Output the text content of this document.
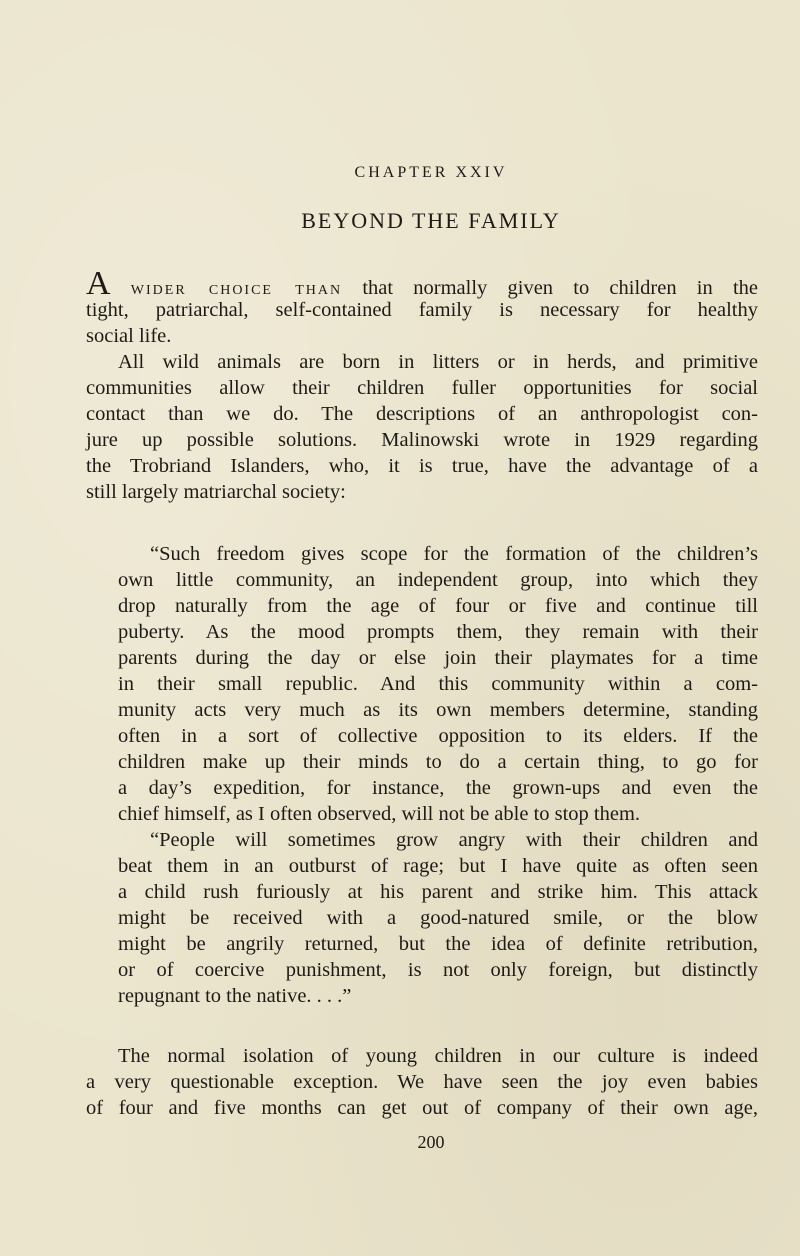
CHAPTER XXIV
BEYOND THE FAMILY

A wider choice than that normally given to children in the
tight, patriarchal, self-contained family is necessary for healthy
social life.

All wild animals are born in litters or in herds, and primitive
communities allow their children fuller opportunities for social
contact than we do. The descriptions of an anthropologist con-
jure up possible solutions. Malinowski wrote in 1929 regarding
the Trobriand Islanders, who, it is true, have the advantage of a
still largely matriarchal society:

“Such freedom gives scope for the formation of the children’s
own little community, an independent group, into which they
drop naturally from the age of four or five and continue till
puberty. As the mood prompts them, they remain with their
parents during the day or else join their playmates for a time
in their small republic. And this community within a com-
munity acts very much as its own members determine, standing
often in a sort of collective opposition to its elders. If the
children make up their minds to do a certain thing, to go for
a day’s expedition, for instance, the grown-ups and even the
chief himself, as I often observed, will not be able to stop them.

“People will sometimes grow angry with their children and
beat them in an outburst of rage; but I have quite as often seen
a child rush furiously at his parent and strike him. This attack
might be received with a good-natured smile, or the blow
might be angrily returned, but the idea of definite retribution,
or of coercive punishment, is not only foreign, but distinctly
repugnant to the native. . . .”

The normal isolation of young children in our culture is indeed
a very questionable exception. We have seen the joy even babies
of four and five months can get out of company of their own age,

200
